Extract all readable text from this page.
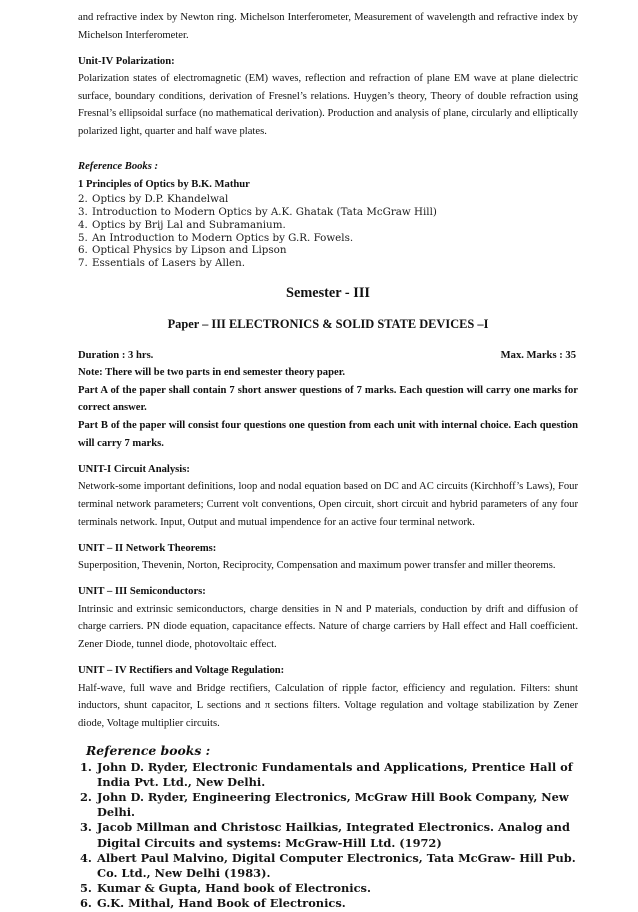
and refractive index by Newton ring. Michelson Interferometer, Measurement of wavelength and refractive index by Michelson Interferometer.

Unit-IV Polarization:

Polarization states of electromagnetic (EM) waves, reflection and refraction of plane EM wave at plane dielectric surface, boundary conditions, derivation of Fresnel’s relations. Huygen’s theory, Theory of double refraction using Fresnal’s ellipsoidal surface (no mathematical derivation). Production and analysis of plane, circularly and elliptically polarized light, quarter and half wave plates.

Reference Books :

1 Principles of Optics by B.K. Mathur

2. Optics by D.P. Khandelwal
3. Introduction to Modern Optics by A.K. Ghatak (Tata McGraw Hill)
4. Optics by Brij Lal and Subramanium.
5. An Introduction to Modern Optics by G.R. Fowels.
6. Optical Physics by Lipson and Lipson
7. Essentials of Lasers by Allen.

Semester - III

Paper – III ELECTRONICS & SOLID STATE DEVICES –I

Duration : 3 hrs.	Max. Marks : 35

Note: There will be two parts in end semester theory paper.

Part A of the paper shall contain 7 short answer questions of 7 marks. Each question will carry one marks for correct answer.

Part B of the paper will consist four questions one question from each unit with internal choice. Each question will carry 7 marks.

UNIT-I Circuit Analysis:

Network-some important definitions, loop and nodal equation based on DC and AC circuits (Kirchhoff’s Laws), Four terminal network parameters; Current volt conventions, Open circuit, short circuit and hybrid parameters of any four terminals network. Input, Output and mutual impendence for an active four terminal network.

UNIT – II Network Theorems:

Superposition, Thevenin, Norton, Reciprocity, Compensation and maximum power transfer and miller theorems.

UNIT – III Semiconductors:

Intrinsic and extrinsic semiconductors, charge densities in N and P materials, conduction by drift and diffusion of charge carriers. PN diode equation, capacitance effects. Nature of charge carriers by Hall effect and Hall coefficient. Zener Diode, tunnel diode, photovoltaic effect.

UNIT – IV Rectifiers and Voltage Regulation:

Half-wave, full wave and Bridge rectifiers, Calculation of ripple factor, efficiency and regulation. Filters: shunt inductors, shunt capacitor, L sections and π sections filters. Voltage regulation and voltage stabilization by Zener diode, Voltage multiplier circuits.

Reference books :

1. John D. Ryder, Electronic Fundamentals and Applications, Prentice Hall of India Pvt. Ltd., New Delhi.
2. John D. Ryder, Engineering Electronics, McGraw Hill Book Company, New Delhi.
3. Jacob Millman and Christosc Hailkias, Integrated Electronics. Analog and Digital Circuits and systems: McGraw-Hill Ltd. (1972)
4. Albert Paul Malvino, Digital Computer Electronics, Tata McGraw- Hill Pub. Co. Ltd., New Delhi (1983).
5. Kumar & Gupta, Hand book of Electronics.
6. G.K. Mithal, Hand Book of Electronics.
